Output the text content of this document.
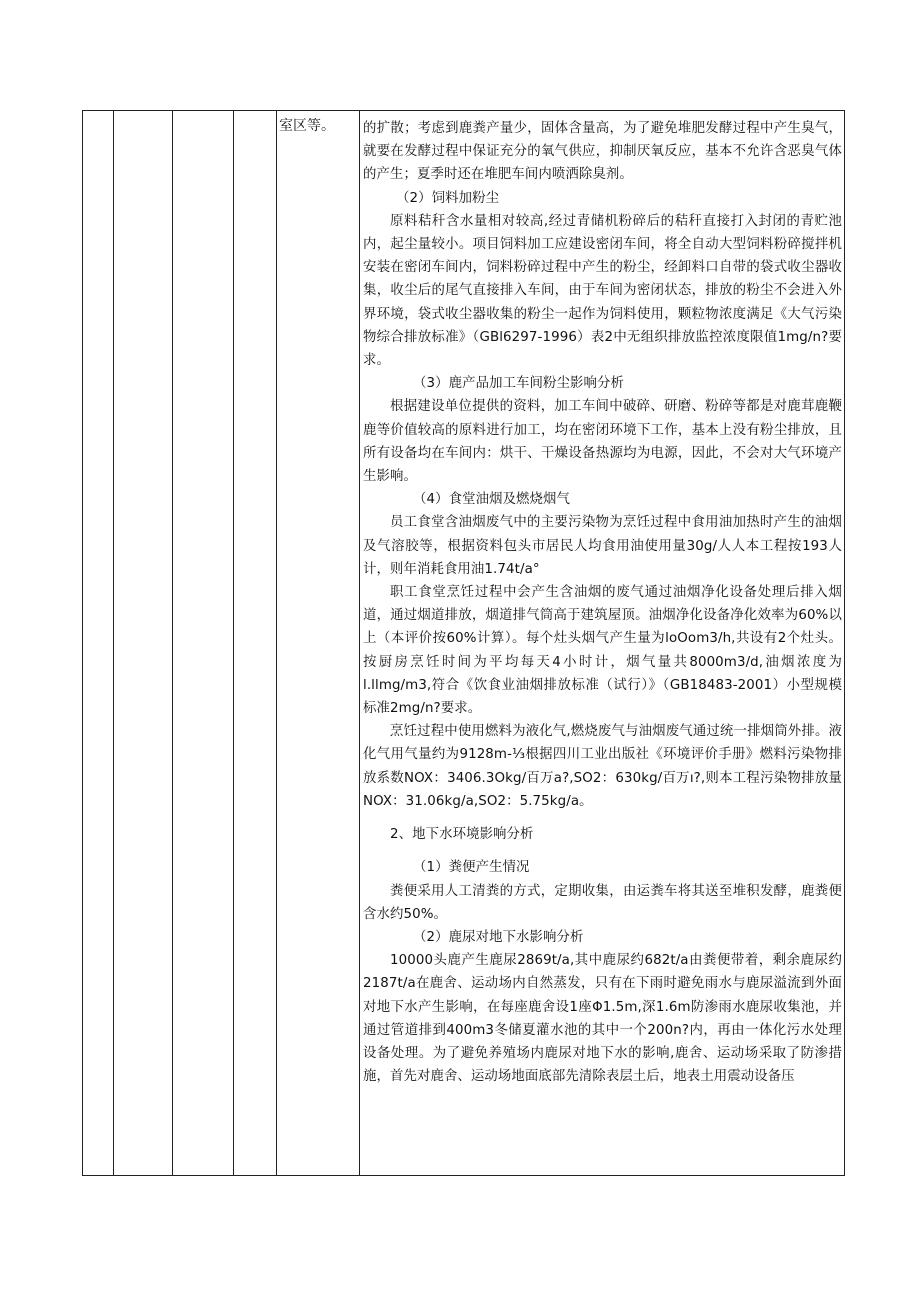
室区等。	的扩散；考虑到鹿粪产量少，固体含量高，为了避免堆肥发酵过程中产生臭气，就要在发酵过程中保证充分的氧气供应，抑制厌氧反应，基本不允许含恶臭气体的产生；夏季时还在堆肥车间内喷洒除臭剂。

（2）饲料加粉尘

原料秸秆含水量相对较高,经过青储机粉碎后的秸秆直接打入封闭的青贮池内，起尘量较小。项目饲料加工应建设密闭车间，将全自动大型饲料粉碎搅拌机安装在密闭车间内，饲料粉碎过程中产生的粉尘，经卸料口自带的袋式收尘器收集，收尘后的尾气直接排入车间，由于车间为密闭状态，排放的粉尘不会进入外界环境，袋式收尘器收集的粉尘一起作为饲料使用，颗粒物浓度满足《大气污染物综合排放标准》（GBl6297-1996）表2中无组织排放监控浓度限值1mg/n?要求。

（3）鹿产品加工车间粉尘影响分析

根据建设单位提供的资料，加工车间中破碎、研磨、粉碎等都是对鹿茸鹿鞭鹿等价值较高的原料进行加工，均在密闭环境下工作，基本上没有粉尘排放，且所有设备均在车间内：烘干、干燥设备热源均为电源，因此，不会对大气环境产生影响。

（4）食堂油烟及燃烧烟气

员工食堂含油烟废气中的主要污染物为烹饪过程中食用油加热时产生的油烟及气溶胶等，根据资料包头市居民人均食用油使用量30g/人人本工程按193人计，则年消耗食用油1.74t/a°

职工食堂烹饪过程中会产生含油烟的废气通过油烟净化设备处理后排入烟道，通过烟道排放，烟道排气筒高于建筑屋顶。油烟净化设备净化效率为60%以上（本评价按60%计算）。每个灶头烟气产生量为loOom3/h,共设有2个灶头。按厨房烹饪时间为平均每天4小时计，烟气量共8000m3/d,油烟浓度为l.llmg/m3,符合《饮食业油烟排放标准（试行）》（GB18483-2001）小型规模标准2mg/n?要求。

烹饪过程中使用燃料为液化气,燃烧废气与油烟废气通过统一排烟筒外排。液化气用气量约为9128m-⅓根据四川工业出版社《环境评价手册》燃料污染物排放系数NOX：3406.3Okg/百万a?,SO2：630kg/百万ı?,则本工程污染物排放量NOX：31.06kg/a,SO2：5.75kg/a。

2、地下水环境影响分析

（1）粪便产生情况

粪便采用人工清粪的方式，定期收集，由运粪车将其送至堆积发酵，鹿粪便含水约50%。

（2）鹿尿对地下水影响分析

10000头鹿产生鹿尿2869t/a,其中鹿尿约682t/a由粪便带着，剩余鹿尿约2187t/a在鹿舍、运动场内自然蒸发，只有在下雨时避免雨水与鹿尿溢流到外面对地下水产生影响，在每座鹿舍设1座Φ1.5m,深1.6m防渗雨水鹿尿收集池，并通过管道排到400m3冬储夏灌水池的其中一个200n?内，再由一体化污水处理设备处理。为了避免养殖场内鹿尿对地下水的影响,鹿舍、运动场采取了防渗措施，首先对鹿舍、运动场地面底部先清除表层土后，地表土用震动设备压
